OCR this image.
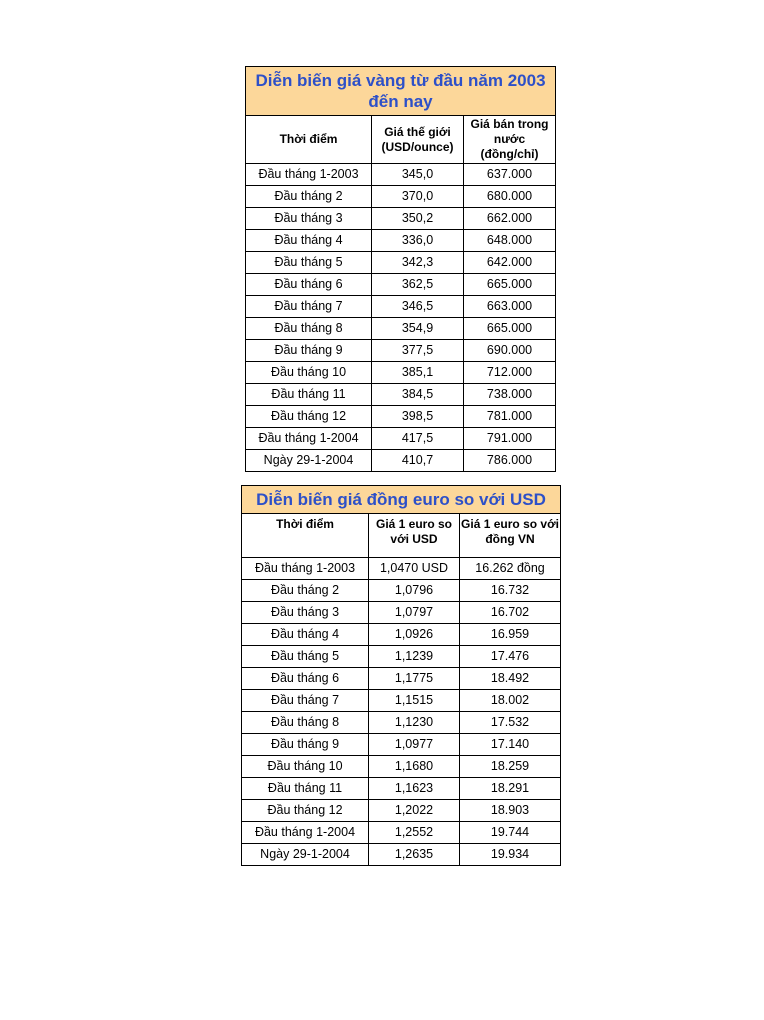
Diễn biến giá vàng từ đầu năm 2003 đến nay		
Thời điểm	Giá thế giới (USD/ounce)	Giá bán trong nước (đồng/chỉ)
Đầu tháng 1-2003	345,0	637.000
Đầu tháng 2	370,0	680.000
Đầu tháng 3	350,2	662.000
Đầu tháng 4	336,0	648.000
Đầu tháng 5	342,3	642.000
Đầu tháng 6	362,5	665.000
Đầu tháng 7	346,5	663.000
Đầu tháng 8	354,9	665.000
Đầu tháng 9	377,5	690.000
Đầu tháng 10	385,1	712.000
Đầu tháng 11	384,5	738.000
Đầu tháng 12	398,5	781.000
Đầu tháng 1-2004	417,5	791.000
Ngày 29-1-2004	410,7	786.000
Diễn biến giá đồng euro so với USD		
Thời điểm	Giá 1 euro so với USD	Giá 1 euro so với đồng VN
Đầu tháng 1-2003	1,0470 USD	16.262 đồng
Đầu tháng 2	1,0796	16.732
Đầu tháng 3	1,0797	16.702
Đầu tháng 4	1,0926	16.959
Đầu tháng 5	1,1239	17.476
Đầu tháng 6	1,1775	18.492
Đầu tháng 7	1,1515	18.002
Đầu tháng 8	1,1230	17.532
Đầu tháng 9	1,0977	17.140
Đầu tháng 10	1,1680	18.259
Đầu tháng 11	1,1623	18.291
Đầu tháng 12	1,2022	18.903
Đầu tháng 1-2004	1,2552	19.744
Ngày 29-1-2004	1,2635	19.934
